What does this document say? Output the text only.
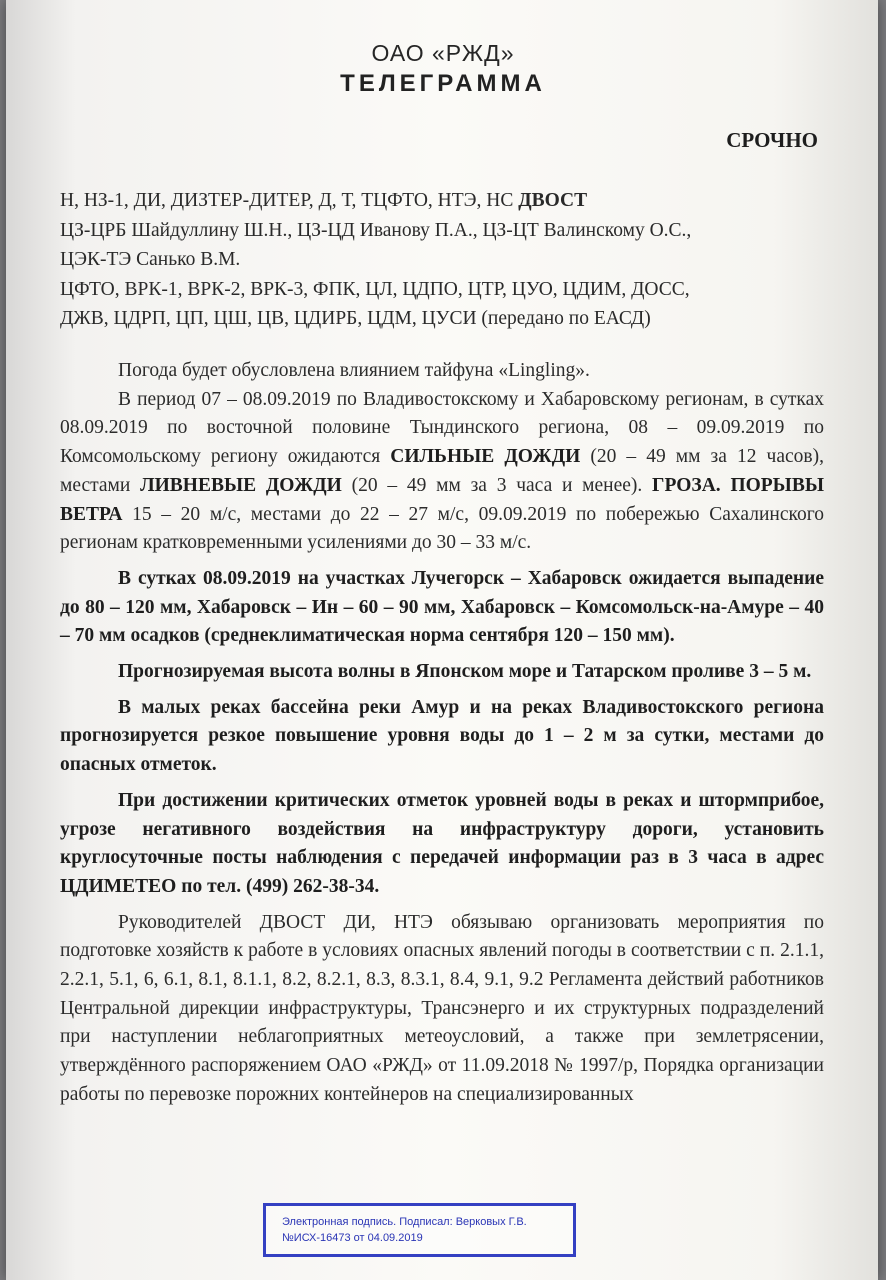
ОАО «РЖД»
ТЕЛЕГРАММА
СРОЧНО

Н, НЗ-1, ДИ, ДИЗТЕР-ДИТЕР, Д, Т, ТЦФТО, НТЭ, НС ДВОСТ

ЦЗ-ЦРБ Шайдуллину Ш.Н., ЦЗ-ЦД Иванову П.А., ЦЗ-ЦТ Валинскому О.С.,

ЦЭК-ТЭ Санько В.М.

ЦФТО, ВРК-1, ВРК-2, ВРК-3, ФПК, ЦЛ, ЦДПО, ЦТР, ЦУО, ЦДИМ, ДОСС,

ДЖВ, ЦДРП, ЦП, ЦШ, ЦВ, ЦДИРБ, ЦДМ, ЦУСИ (передано по ЕАСД)

Погода будет обусловлена влиянием тайфуна «Lingling».

В период 07 – 08.09.2019 по Владивостокскому и Хабаровскому регионам, в сутках 08.09.2019 по восточной половине Тындинского региона, 08 – 09.09.2019 по Комсомольскому региону ожидаются СИЛЬНЫЕ ДОЖДИ (20 – 49 мм за 12 часов), местами ЛИВНЕВЫЕ ДОЖДИ (20 – 49 мм за 3 часа и менее). ГРОЗА. ПОРЫВЫ ВЕТРА 15 – 20 м/с, местами до 22 – 27 м/с, 09.09.2019 по побережью Сахалинского регионам кратковременными усилениями до 30 – 33 м/с.

В сутках 08.09.2019 на участках Лучегорск – Хабаровск ожидается выпадение до 80 – 120 мм, Хабаровск – Ин – 60 – 90 мм, Хабаровск – Комсомольск-на-Амуре – 40 – 70 мм осадков (среднеклиматическая норма сентября 120 – 150 мм).

Прогнозируемая высота волны в Японском море и Татарском проливе 3 – 5 м.

В малых реках бассейна реки Амур и на реках Владивостокского региона прогнозируется резкое повышение уровня воды до 1 – 2 м за сутки, местами до опасных отметок.

При достижении критических отметок уровней воды в реках и штормприбое, угрозе негативного воздействия на инфраструктуру дороги, установить круглосуточные посты наблюдения с передачей информации раз в 3 часа в адрес ЦДИМЕТЕО по тел. (499) 262-38-34.

Руководителей ДВОСТ ДИ, НТЭ обязываю организовать мероприятия по подготовке хозяйств к работе в условиях опасных явлений погоды в соответствии с п. 2.1.1, 2.2.1, 5.1, 6, 6.1, 8.1, 8.1.1, 8.2, 8.2.1, 8.3, 8.3.1, 8.4, 9.1, 9.2 Регламента действий работников Центральной дирекции инфраструктуры, Трансэнерго и их структурных подразделений при наступлении неблагоприятных метеоусловий, а также при землетрясении, утверждённого распоряжением ОАО «РЖД» от 11.09.2018 № 1997/р, Порядка организации работы по перевозке порожних контейнеров на специализированных

Электронная подпись. Подписал: Верковых Г.В.
№ИСХ-16473 от 04.09.2019
